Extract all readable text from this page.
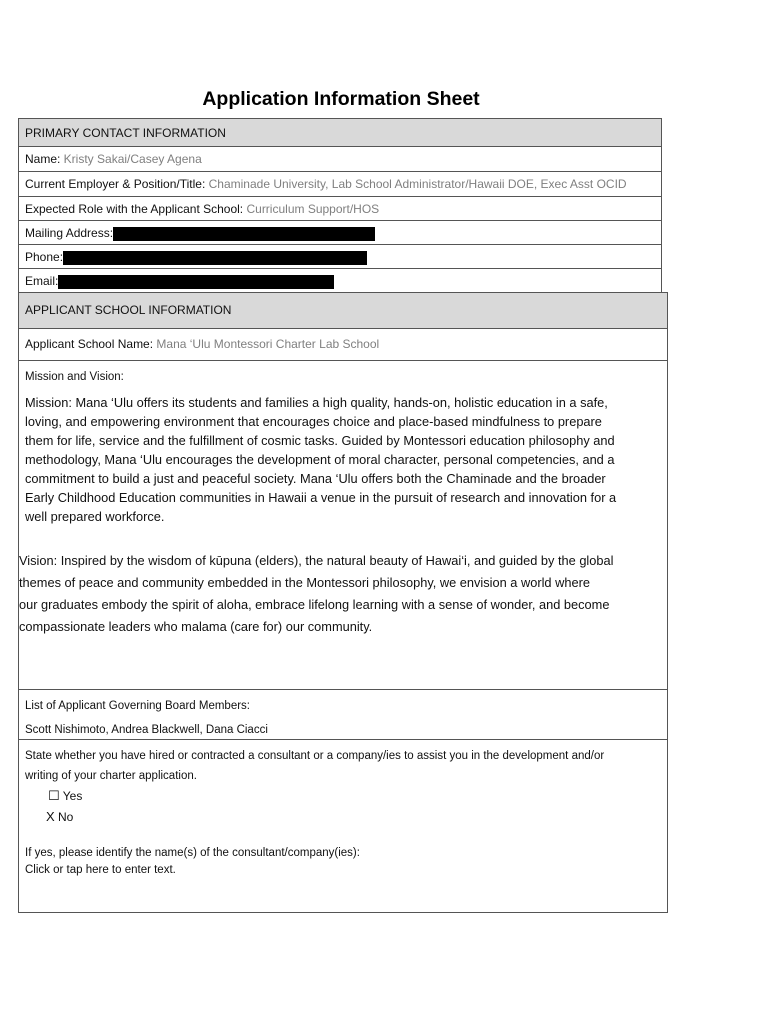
Application Information Sheet
PRIMARY CONTACT INFORMATION
Name: Kristy Sakai/Casey Agena
Current Employer & Position/Title: Chaminade University, Lab School Administrator/Hawaii DOE, Exec Asst OCID
Expected Role with the Applicant School: Curriculum Support/HOS
Mailing Address:
Phone:
Email:
APPLICANT SCHOOL INFORMATION
Applicant School Name: Mana ‘Ulu Montessori Charter Lab School
Mission and Vision:
Mission: Mana ‘Ulu offers its students and families a high quality, hands-on, holistic education in a safe,
loving, and empowering environment that encourages choice and place-based mindfulness to prepare
them for life, service and the fulfillment of cosmic tasks. Guided by Montessori education philosophy and
methodology, Mana ‘Ulu encourages the development of moral character, personal competencies, and a
commitment to build a just and peaceful society. Mana ‘Ulu offers both the Chaminade and the broader
Early Childhood Education communities in Hawaii a venue in the pursuit of research and innovation for a
well prepared workforce.
Vision: Inspired by the wisdom of kūpuna (elders), the natural beauty of Hawai‘i, and guided by the global
themes of peace and community embedded in the Montessori philosophy, we envision a world where
our graduates embody the spirit of aloha, embrace lifelong learning with a sense of wonder, and become
compassionate leaders who malama (care for) our community.
List of Applicant Governing Board Members:
Scott Nishimoto, Andrea Blackwell, Dana Ciacci
State whether you have hired or contracted a consultant or a company/ies to assist you in the development and/or
writing of your charter application.
☐ Yes
X No
If yes, please identify the name(s) of the consultant/company(ies):
Click or tap here to enter text.
